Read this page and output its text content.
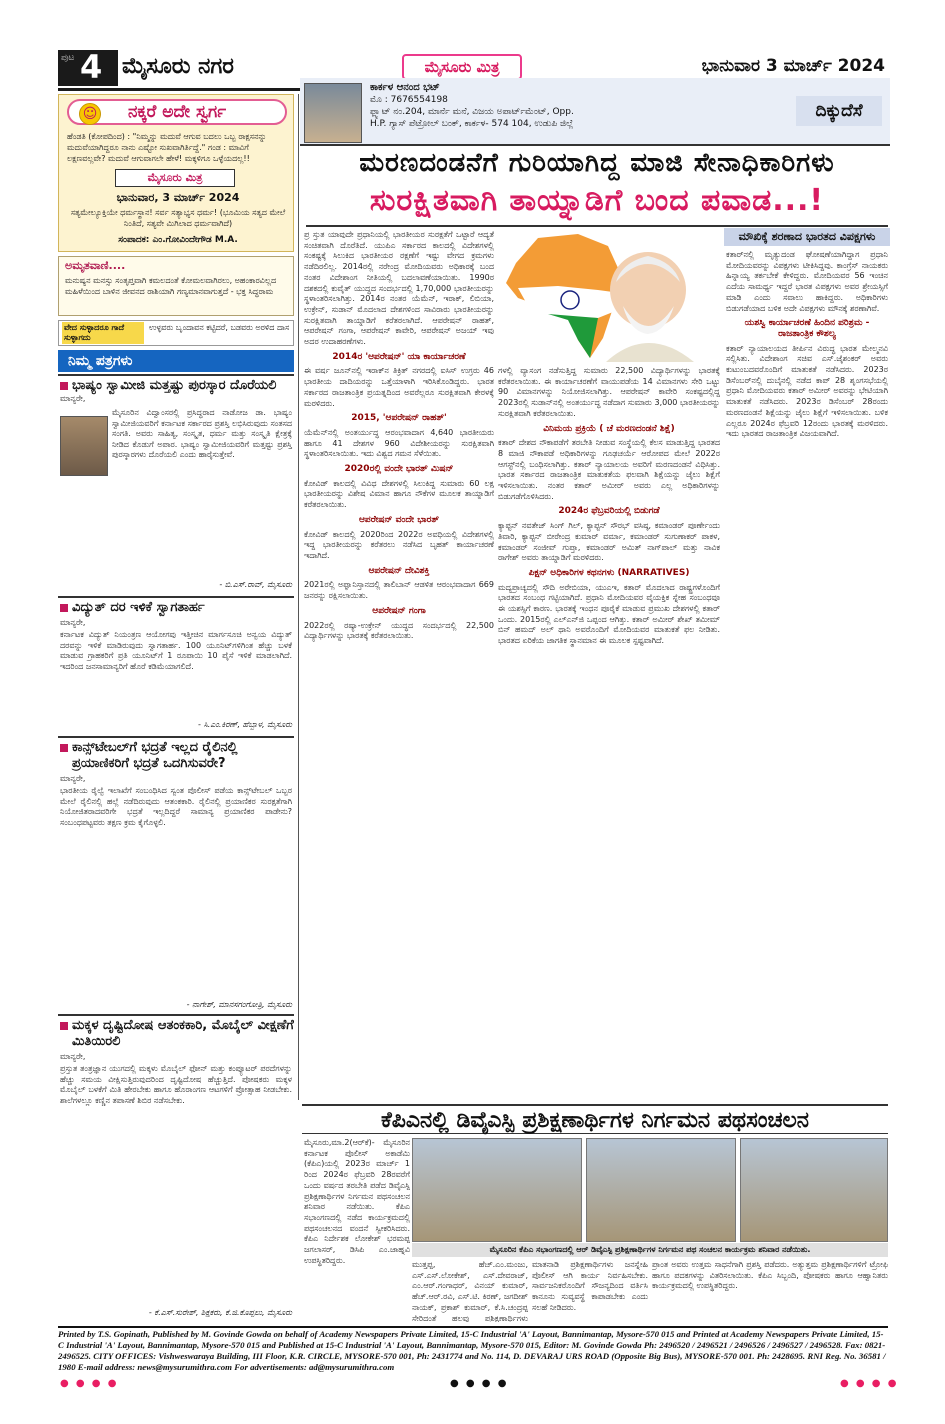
ಪುಟ 4 ಮೈಸೂರು ನಗರ	ಮೈಸೂರು ಮಿತ್ರ	ಭಾನುವಾರ 3 ಮಾರ್ಚ್ 2024
☺ ನಕ್ಕರೆ ಅದೇ ಸ್ವರ್ಗ
ಹೆಂಡತಿ (ಕೋಪದಿಂದ) : "ನಿಮ್ಮನ್ನು ಮದುವೆ ಆಗುವ ಬದಲು ಒಬ್ಬ ರಾಕ್ಷಸನನ್ನು ಮದುವೆಯಾಗಿದ್ದರೂ ನಾನು ಎಷ್ಟೋ ಸುಖವಾಗಿರ್ತಿದ್ದೆ." ಗಂಡ : ಮಾವಿಗೆ ಲಕ್ಷಣವಲ್ಲವೇ? ಮದುವೆ ಆಗುವಾಗಲೇ ಹೇಳೆ! ಮಕ್ಕಳಿಗೂ ಒಳ್ಳೆಯದಲ್ಲ!!
ಮೈಸೂರು ಮಿತ್ರ
ಭಾನುವಾರ, 3 ಮಾರ್ಚ್ 2024
ಸತ್ಯಮೇಲ್ಯೂಕ್ತಿಯೇ ಧರ್ಮಸ್ಥಾನ! ಸರ್ವ ಸತ್ಯಾಭ್ಯಸ ಧರ್ಮ! (ಭೂಮಿಯ ಸತ್ಯದ ಮೇಲೆ ನಿಂತಿದೆ, ಸತ್ಯವೇ ಮಿಗಿಲಾದ ಧರ್ಮವಾಗಿದೆ)
ಸಂಪಾದಕ: ಎಂ.ಗೋವಿಂದೇಗೌಡ M.A.
ಅಮೃತವಾಣಿ....
ಮನುಷ್ಯನ ಮನಸ್ಸು ಸಂತೃಪ್ತವಾಗಿ ಕಮಲದಂತೆ ಕೋಮಲವಾಗಿರಲು, ಅಹಂಕಾರವಿಲ್ಲದ ಮಹಿಳೆಯಿಂದ ಬಾಳಿನ ಜೀವನದ ರಾಶಿಯಾಗಿ ಗಣ್ಯಮಾನವಾಗುತ್ತದೆ - ಭಕ್ತ ಸಿದ್ಧರಾಮ
ವೇದ ಸುಳ್ಳಾದರೂ ಗಾದೆ ಸುಳ್ಳಾಗದು
ಉಳ್ಳವರು ಬೃಂದಾವನ ಕಟ್ಟಿದರೆ, ಬಡವರು ಅರಳಿದ ದಾಸ
ನಿಮ್ಮ ಪತ್ರಗಳು
ಭಾಷ್ಯಂ ಸ್ವಾಮೀಜಿ ಮತ್ತಷ್ಟು ಪುರಸ್ಕಾರ ದೊರೆಯಲಿ
ಮಾನ್ಯರೇ,
ಮೈಸೂರಿನ ವಿದ್ವಾಂಸರಲ್ಲಿ ಪ್ರಸಿದ್ಧರಾದ ನಾಡೋಜ ಡಾ. ಭಾಷ್ಯಂ ಸ್ವಾಮೀಜಿಯವರಿಗೆ ಕರ್ನಾಟಕ ಸರ್ಕಾರದ ಪ್ರಶಸ್ತಿ ಲಭಿಸಿರುವುದು ಸಂತಸದ ಸಂಗತಿ. ಅವರು ಸಾಹಿತ್ಯ, ಸಂಸ್ಕೃತ, ಧರ್ಮ ಮತ್ತು ಸಂಸ್ಕೃತಿ ಕ್ಷೇತ್ರಕ್ಕೆ ನೀಡಿದ ಕೊಡುಗೆ ಅಪಾರ. ಭಾಷ್ಯಂ ಸ್ವಾಮೀಜಿಯವರಿಗೆ ಮತ್ತಷ್ಟು ಪ್ರಶಸ್ತಿ ಪುರಸ್ಕಾರಗಳು ದೊರೆಯಲಿ ಎಂದು ಹಾರೈಸುತ್ತೇವೆ.
- ಬಿ.ಎಸ್.ರಾವ್, ಮೈಸೂರು
ವಿದ್ಯುತ್ ದರ ಇಳಿಕೆ ಸ್ವಾಗತಾರ್ಹ
ಮಾನ್ಯರೇ,
ಕರ್ನಾಟಕ ವಿದ್ಯುತ್ ನಿಯಂತ್ರಣ ಆಯೋಗವು ಇತ್ತೀಚಿನ ಮಾರ್ಗಸೂಚಿ ಅನ್ವಯ ವಿದ್ಯುತ್ ದರವನ್ನು ಇಳಿಕೆ ಮಾಡಿರುವುದು ಸ್ವಾಗತಾರ್ಹ. 100 ಯೂನಿಟ್‌ಗಳಿಗಿಂತ ಹೆಚ್ಚು ಬಳಕೆ ಮಾಡುವ ಗ್ರಾಹಕರಿಗೆ ಪ್ರತಿ ಯೂನಿಟ್‌ಗೆ 1 ರೂಪಾಯಿ 10 ಪೈಸೆ ಇಳಿಕೆ ಮಾಡಲಾಗಿದೆ. ಇದರಿಂದ ಜನಸಾಮಾನ್ಯರಿಗೆ ಹೊರೆ ಕಡಿಮೆಯಾಗಲಿದೆ.
- ಸಿ.ಎಂ.ಕಿರಣ್, ಹೆಬ್ಬಾಳ, ಮೈಸೂರು
ಕಾನ್ಸ್‌ಟೇಬಲ್‌ಗೆ ಭದ್ರತೆ ಇಲ್ಲದ ರೈಲಿನಲ್ಲಿ ಪ್ರಯಾಣಿಕರಿಗೆ ಭದ್ರತೆ ಒದಗಿಸುವರೇ?
ಮಾನ್ಯರೇ,
ಭಾರತೀಯ ರೈಲ್ವೆ ಇಲಾಖೆಗೆ ಸಂಬಂಧಿಸಿದ ಸ್ವಂತ ಪೊಲೀಸ್ ಪಡೆಯ ಕಾನ್ಸ್‌ಟೇಬಲ್ ಒಬ್ಬರ ಮೇಲೆ ರೈಲಿನಲ್ಲಿ ಹಲ್ಲೆ ನಡೆದಿರುವುದು ಆತಂಕಕಾರಿ. ರೈಲಿನಲ್ಲಿ ಪ್ರಯಾಣಿಕರ ಸುರಕ್ಷತೆಗಾಗಿ ನಿಯೋಜಿತರಾದವರಿಗೇ ಭದ್ರತೆ ಇಲ್ಲದಿದ್ದರೆ ಸಾಮಾನ್ಯ ಪ್ರಯಾಣಿಕರ ಪಾಡೇನು? ಸಂಬಂಧಪಟ್ಟವರು ತಕ್ಷಣ ಕ್ರಮ ಕೈಗೊಳ್ಳಲಿ.
- ನಾಗೇಶ್, ಮಾನಸಗಂಗೋತ್ರಿ, ಮೈಸೂರು
ಮಕ್ಕಳ ದೃಷ್ಟಿದೋಷ ಆತಂಕಕಾರಿ, ಮೊಬೈಲ್ ವೀಕ್ಷಣೆಗೆ ಮಿತಿಯಿರಲಿ
ಮಾನ್ಯರೇ,
ಪ್ರಸ್ತುತ ತಂತ್ರಜ್ಞಾನ ಯುಗದಲ್ಲಿ ಮಕ್ಕಳು ಮೊಬೈಲ್ ಫೋನ್ ಮತ್ತು ಕಂಪ್ಯೂಟರ್ ಪರದೆಗಳನ್ನು ಹೆಚ್ಚು ಸಮಯ ವೀಕ್ಷಿಸುತ್ತಿರುವುದರಿಂದ ದೃಷ್ಟಿದೋಷ ಹೆಚ್ಚುತ್ತಿದೆ. ಪೋಷಕರು ಮಕ್ಕಳ ಮೊಬೈಲ್ ಬಳಕೆಗೆ ಮಿತಿ ಹೇರಬೇಕು ಹಾಗೂ ಹೊರಾಂಗಣ ಆಟಗಳಿಗೆ ಪ್ರೋತ್ಸಾಹ ನೀಡಬೇಕು. ಶಾಲೆಗಳಲ್ಲೂ ಕಣ್ಣಿನ ತಪಾಸಣೆ ಶಿಬಿರ ನಡೆಸಬೇಕು.
- ಕೆ.ಎಸ್.ಸುರೇಶ್, ಶಿಕ್ಷಕರು, ಕೆ.ಜಿ.ಕೊಪ್ಪಲು, ಮೈಸೂರು
ಕಾರ್ಕಳ ಆನಂದ ಭಟ್
ಮೊ : 7676554198
ಫ್ಲ್ಯಾಟ್ ನಂ.204, ಮಾರ್ನೆ ಮನೆ, ವಿಜಯ ಅಪಾರ್ಟ್‌ಮೆಂಟ್, Opp.
H.P. ಗ್ಯಾಸ್ ಪೆಟ್ರೋಲ್ ಬಂಕ್, ಕಾರ್ಕಳ- 574 104, ಉಡುಪಿ ಜಿಲ್ಲೆ
ದಿಕ್ಕುದೆಸೆ
ಮರಣದಂಡನೆಗೆ ಗುರಿಯಾಗಿದ್ದ ಮಾಜಿ ಸೇನಾಧಿಕಾರಿಗಳು
ಸುರಕ್ಷಿತವಾಗಿ ತಾಯ್ನಾಡಿಗೆ ಬಂದ ಪವಾಡ...!
ಪ್ರ ಸ್ತುತ ಯಾವುದೇ ಪ್ರಧಾನಿಯಲ್ಲಿ ಭಾರತೀಯರ ಸುರಕ್ಷತೆಗೆ ಒಟ್ಟಾರೆ ಆದ್ಯತೆ ಸಂಚಿತವಾಗಿ ದೊರೆತಿದೆ. ಯುಪಿಎ ಸರ್ಕಾರದ ಕಾಲದಲ್ಲಿ ವಿದೇಶಗಳಲ್ಲಿ ಸಂಕಷ್ಟಕ್ಕೆ ಸಿಲುಕಿದ ಭಾರತೀಯರ ರಕ್ಷಣೆಗೆ ಇಷ್ಟು ವೇಗದ ಕ್ರಮಗಳು ನಡೆದಿರಲಿಲ್ಲ. 2014ರಲ್ಲಿ ನರೇಂದ್ರ ಮೋದಿಯವರು ಅಧಿಕಾರಕ್ಕೆ ಬಂದ ನಂತರ ವಿದೇಶಾಂಗ ನೀತಿಯಲ್ಲಿ ಬದಲಾವಣೆಯಾಯಿತು. 1990ರ ದಶಕದಲ್ಲಿ ಕುವೈತ್ ಯುದ್ಧದ ಸಂದರ್ಭದಲ್ಲಿ 1,70,000 ಭಾರತೀಯರನ್ನು ಸ್ಥಳಾಂತರಿಸಲಾಗಿತ್ತು. 2014ರ ನಂತರ ಯೆಮೆನ್, ಇರಾಕ್, ಲಿಬಿಯಾ, ಉಕ್ರೇನ್, ಸುಡಾನ್ ಮೊದಲಾದ ದೇಶಗಳಿಂದ ಸಾವಿರಾರು ಭಾರತೀಯರನ್ನು ಸುರಕ್ಷಿತವಾಗಿ ತಾಯ್ನಾಡಿಗೆ ಕರೆತರಲಾಗಿದೆ. ಆಪರೇಷನ್ ರಾಹತ್, ಆಪರೇಷನ್ ಗಂಗಾ, ಆಪರೇಷನ್ ಕಾವೇರಿ, ಆಪರೇಷನ್ ಅಜಯ್ ಇವು ಅದರ ಉದಾಹರಣೆಗಳು.
2014ರ 'ಆಪರೇಷನ್' ಯಾ ಕಾರ್ಯಾಚರಣೆ
ಈ ವರ್ಷ ಜೂನ್‌ನಲ್ಲಿ ಇರಾಕ್‌ನ ತಿಕ್ರಿತ್ ನಗರದಲ್ಲಿ ಐಸಿಸ್ ಉಗ್ರರು 46 ಭಾರತೀಯ ದಾದಿಯರನ್ನು ಒತ್ತೆಯಾಳಾಗಿ ಇರಿಸಿಕೊಂಡಿದ್ದರು. ಭಾರತ ಸರ್ಕಾರದ ರಾಜತಾಂತ್ರಿಕ ಪ್ರಯತ್ನದಿಂದ ಅವರೆಲ್ಲರೂ ಸುರಕ್ಷಿತವಾಗಿ ಕೇರಳಕ್ಕೆ ಮರಳಿದರು.
2015, 'ಆಪರೇಷನ್ ರಾಹತ್'
ಯೆಮೆನ್‌ನಲ್ಲಿ ಅಂತರ್ಯುದ್ಧ ಆರಂಭವಾದಾಗ 4,640 ಭಾರತೀಯರು ಹಾಗೂ 41 ದೇಶಗಳ 960 ವಿದೇಶೀಯರನ್ನು ಸುರಕ್ಷಿತವಾಗಿ ಸ್ಥಳಾಂತರಿಸಲಾಯಿತು. ಇದು ವಿಶ್ವದ ಗಮನ ಸೆಳೆಯಿತು.
2020ರಲ್ಲಿ ವಂದೇ ಭಾರತ್ ಮಿಷನ್
ಕೋವಿಡ್ ಕಾಲದಲ್ಲಿ ವಿವಿಧ ದೇಶಗಳಲ್ಲಿ ಸಿಲುಕಿದ್ದ ಸುಮಾರು 60 ಲಕ್ಷ ಭಾರತೀಯರನ್ನು ವಿಶೇಷ ವಿಮಾನ ಹಾಗೂ ನೌಕೆಗಳ ಮೂಲಕ ತಾಯ್ನಾಡಿಗೆ ಕರೆತರಲಾಯಿತು.
ಆಪರೇಷನ್ ವಂದೇ ಭಾರತ್
ಕೋವಿಡ್ ಕಾಲದಲ್ಲಿ 2020ರಿಂದ 2022ರ ಅವಧಿಯಲ್ಲಿ ವಿದೇಶಗಳಲ್ಲಿ ಇದ್ದ ಭಾರತೀಯರನ್ನು ಕರೆತರಲು ನಡೆಸಿದ ಬೃಹತ್ ಕಾರ್ಯಾಚರಣೆ ಇದಾಗಿದೆ.
ಆಪರೇಷನ್ ದೇವಿಶಕ್ತಿ
2021ರಲ್ಲಿ ಅಫ್ಘಾನಿಸ್ತಾನದಲ್ಲಿ ತಾಲಿಬಾನ್ ಆಡಳಿತ ಆರಂಭವಾದಾಗ 669 ಜನರನ್ನು ರಕ್ಷಿಸಲಾಯಿತು.
ಆಪರೇಷನ್ ಗಂಗಾ
2022ರಲ್ಲಿ ರಷ್ಯಾ-ಉಕ್ರೇನ್ ಯುದ್ಧದ ಸಂದರ್ಭದಲ್ಲಿ 22,500 ವಿದ್ಯಾರ್ಥಿಗಳನ್ನು ಭಾರತಕ್ಕೆ ಕರೆತರಲಾಯಿತು.
ಗಳಲ್ಲಿ ವ್ಯಾಸಂಗ ನಡೆಸುತ್ತಿದ್ದ ಸುಮಾರು 22,500 ವಿದ್ಯಾರ್ಥಿಗಳನ್ನು ಭಾರತಕ್ಕೆ ಕರೆತರಲಾಯಿತು. ಈ ಕಾರ್ಯಾಚರಣೆಗೆ ವಾಯುಪಡೆಯ 14 ವಿಮಾನಗಳು ಸೇರಿ ಒಟ್ಟು 90 ವಿಮಾನಗಳನ್ನು ನಿಯೋಜಿಸಲಾಗಿತ್ತು. ಆಪರೇಷನ್ ಕಾವೇರಿ ಸಂಕಷ್ಟದಲ್ಲಿದ್ದ 2023ರಲ್ಲಿ ಸುಡಾನ್‌ನಲ್ಲಿ ಅಂತರ್ಯುದ್ಧ ನಡೆದಾಗ ಸುಮಾರು 3,000 ಭಾರತೀಯರನ್ನು ಸುರಕ್ಷಿತವಾಗಿ ಕರೆತರಲಾಯಿತು.
ವಿನಿಮಯ ಪ್ರಕ್ರಿಯೆ ( ಚೆ ಮರಣದಂಡನೆ ಶಿಕ್ಷೆ)
ಕತಾರ್ ದೇಶದ ನೌಕಾಪಡೆಗೆ ತರಬೇತಿ ನೀಡುವ ಸಂಸ್ಥೆಯಲ್ಲಿ ಕೆಲಸ ಮಾಡುತ್ತಿದ್ದ ಭಾರತದ 8 ಮಾಜಿ ನೌಕಾಪಡೆ ಅಧಿಕಾರಿಗಳನ್ನು ಗೂಢಚರ್ಯೆ ಆರೋಪದ ಮೇಲೆ 2022ರ ಆಗಸ್ಟ್‌ನಲ್ಲಿ ಬಂಧಿಸಲಾಗಿತ್ತು. ಕತಾರ್ ನ್ಯಾಯಾಲಯ ಅವರಿಗೆ ಮರಣದಂಡನೆ ವಿಧಿಸಿತ್ತು. ಭಾರತ ಸರ್ಕಾರದ ರಾಜತಾಂತ್ರಿಕ ಮಾತುಕತೆಯ ಫಲವಾಗಿ ಶಿಕ್ಷೆಯನ್ನು ಜೈಲು ಶಿಕ್ಷೆಗೆ ಇಳಿಸಲಾಯಿತು. ನಂತರ ಕತಾರ್ ಅಮೀರ್ ಅವರು ಎಲ್ಲ ಅಧಿಕಾರಿಗಳನ್ನು ಬಿಡುಗಡೆಗೊಳಿಸಿದರು.
2024ರ ಫೆಬ್ರವರಿಯಲ್ಲಿ ಬಿಡುಗಡೆ
ಕ್ಯಾಪ್ಟನ್ ನವತೇಜ್ ಸಿಂಗ್ ಗಿಲ್, ಕ್ಯಾಪ್ಟನ್ ಸೌರಭ್ ವಸಿಷ್ಠ, ಕಮಾಂಡರ್ ಪೂರ್ಣೇಂದು ತಿವಾರಿ, ಕ್ಯಾಪ್ಟನ್ ಬೀರೇಂದ್ರ ಕುಮಾರ್ ವರ್ಮಾ, ಕಮಾಂಡರ್ ಸುಗುಣಾಕರ್ ಪಾಕಳ, ಕಮಾಂಡರ್ ಸಂಜೀವ್ ಗುಪ್ತಾ, ಕಮಾಂಡರ್ ಅಮಿತ್ ನಾಗ್‌ಪಾಲ್ ಮತ್ತು ನಾವಿಕ ರಾಗೇಶ್ ಅವರು ತಾಯ್ನಾಡಿಗೆ ಮರಳಿದರು.
ಪಿಕ್ಷನ್ ಅಧಿಕಾರಿಗಳ ಕಥನಗಳು (NARRATIVES)
ಮದ್ಯಪ್ರಾಚ್ಯದಲ್ಲಿ ಸೌದಿ ಅರೇಬಿಯಾ, ಯುಎಇ, ಕತಾರ್ ಮೊದಲಾದ ರಾಷ್ಟ್ರಗಳೊಂದಿಗೆ ಭಾರತದ ಸಂಬಂಧ ಗಟ್ಟಿಯಾಗಿದೆ. ಪ್ರಧಾನಿ ಮೋದಿಯವರ ವೈಯಕ್ತಿಕ ಸ್ನೇಹ ಸಂಬಂಧವೂ ಈ ಯಶಸ್ಸಿಗೆ ಕಾರಣ. ಭಾರತಕ್ಕೆ ಇಂಧನ ಪೂರೈಕೆ ಮಾಡುವ ಪ್ರಮುಖ ದೇಶಗಳಲ್ಲಿ ಕತಾರ್ ಒಂದು. 2015ರಲ್ಲಿ ಎಲ್‌ಎನ್‌ಜಿ ಒಪ್ಪಂದ ಆಗಿತ್ತು. ಕತಾರ್ ಅಮೀರ್ ಶೇಖ್ ತಮೀಮ್ ಬಿನ್ ಹಮದ್ ಅಲ್ ಥಾನಿ ಅವರೊಂದಿಗೆ ಮೋದಿಯವರ ಮಾತುಕತೆ ಫಲ ನೀಡಿತು. ಭಾರತದ ಏರಿಕೆಯ ಜಾಗತಿಕ ಸ್ಥಾನಮಾನ ಈ ಮೂಲಕ ಸ್ಪಷ್ಟವಾಗಿದೆ.
ಮೌಖಿಕ್ಕೆ ಶರಣಾದ ಭಾರತದ ವಿಪಕ್ಷಗಳು
ಕತಾರ್‌ನಲ್ಲಿ ಮೃತ್ಯುದಂಡ ಘೋಷಣೆಯಾಗಿದ್ದಾಗ ಪ್ರಧಾನಿ ಮೋದಿಯವರನ್ನು ವಿಪಕ್ಷಗಳು ಟೀಕಿಸಿದ್ದವು. ಕಾಂಗ್ರೆಸ್ ನಾಯಕರು ಹಿನ್ನಾಯ್ಯ ತರ್ಕಬೇಕೆ ಕೇಳಿದ್ದರು. ಮೋದಿಯವರ 56 ಇಂಚಿನ ಎದೆಯ ಸಾಮರ್ಥ್ಯ ಇದ್ದರೆ ಭಾರತ ವಿಪಕ್ಷಗಳು ಅವರ ಶ್ರೇಯಸ್ಸಿಗೆ ಮಾಡಿ ಎಂದು ಸವಾಲು ಹಾಕಿದ್ದರು. ಅಧಿಕಾರಿಗಳು ಬಿಡುಗಡೆಯಾದ ಬಳಿಕ ಅದೇ ವಿಪಕ್ಷಗಳು ಮೌನಕ್ಕೆ ಶರಣಾಗಿವೆ.
ಯಶಸ್ವಿ ಕಾರ್ಯಾಚರಣೆ ಹಿಂದಿನ ಪರಿಶ್ರಮ - ರಾಜತಾಂತ್ರಿಕ ಕೌಶಲ್ಯ
ಕತಾರ್ ನ್ಯಾಯಾಲಯದ ತೀರ್ಪಿನ ವಿರುದ್ಧ ಭಾರತ ಮೇಲ್ಮನವಿ ಸಲ್ಲಿಸಿತು. ವಿದೇಶಾಂಗ ಸಚಿವ ಎಸ್.ಜೈಶಂಕರ್ ಅವರು ಕುಟುಂಬದವರೊಂದಿಗೆ ಮಾತುಕತೆ ನಡೆಸಿದರು. 2023ರ ಡಿಸೆಂಬರ್‌ನಲ್ಲಿ ದುಬೈನಲ್ಲಿ ನಡೆದ ಕಾಪ್ 28 ಶೃಂಗಸಭೆಯಲ್ಲಿ ಪ್ರಧಾನಿ ಮೋದಿಯವರು ಕತಾರ್ ಅಮೀರ್ ಅವರನ್ನು ಭೇಟಿಯಾಗಿ ಮಾತುಕತೆ ನಡೆಸಿದರು. 2023ರ ಡಿಸೆಂಬರ್ 28ರಂದು ಮರಣದಂಡನೆ ಶಿಕ್ಷೆಯನ್ನು ಜೈಲು ಶಿಕ್ಷೆಗೆ ಇಳಿಸಲಾಯಿತು. ಬಳಿಕ ಎಲ್ಲರೂ 2024ರ ಫೆಬ್ರವರಿ 12ರಂದು ಭಾರತಕ್ಕೆ ಮರಳಿದರು. ಇದು ಭಾರತದ ರಾಜತಾಂತ್ರಿಕ ವಿಜಯವಾಗಿದೆ.
ಕೆಪಿಎನಲ್ಲಿ ಡಿವೈಎಸ್ಪಿ ಪ್ರಶಿಕ್ಷಣಾರ್ಥಿಗಳ ನಿರ್ಗಮನ ಪಥಸಂಚಲನ
ಮೈಸೂರು,ಮಾ.2(ಆರ್‌ಕೆ)- ಮೈಸೂರಿನ ಕರ್ನಾಟಕ ಪೊಲೀಸ್ ಅಕಾಡೆಮಿ (ಕೆಪಿಎ)ಯಲ್ಲಿ 2023ರ ಮಾರ್ಚ್ 1 ರಿಂದ 2024ರ ಫೆಬ್ರವರಿ 28ರವರೆಗೆ ಒಂದು ವರ್ಷದ ತರಬೇತಿ ಪಡೆದ ಡಿವೈಎಸ್ಪಿ ಪ್ರಶಿಕ್ಷಣಾರ್ಥಿಗಳ ನಿರ್ಗಮನ ಪಥಸಂಚಲನ ಶನಿವಾರ ನಡೆಯಿತು. ಕೆಪಿಎ ಸಭಾಂಗಣದಲ್ಲಿ ನಡೆದ ಕಾರ್ಯಕ್ರಮದಲ್ಲಿ ಪಥಸಂಚಲನದ ವಂದನೆ ಸ್ವೀಕರಿಸಿದರು. ಕೆಪಿಎ ನಿರ್ದೇಶಕ ಲೋಕೇಶ್ ಭರಮಪ್ಪ ಜಗಲಾಸರ್, ಡಿಸಿಪಿ ಎಂ.ಜಾಹ್ನವಿ ಉಪಸ್ಥಿತರಿದ್ದರು.
ಮೈಸೂರಿನ ಕೆಪಿಎ ಸಭಾಂಗಣದಲ್ಲಿ ಆರ್ ಡಿವೈಎಸ್ಪಿ ಪ್ರಶಿಕ್ಷಣಾರ್ಥಿಗಳ ನಿರ್ಗಮನ ಪಥ ಸಂಚಲನ ಕಾರ್ಯಕ್ರಮ ಶನಿವಾರ ನಡೆಯಿತು.
ಮುತ್ತಪ್ಪ, ಹೆಚ್.ಎಂ.ಮಂಜು, ಎಸ್.ಎಸ್.ಲೋಕೇಶ್, ಎಸ್.ದೇವರಾಜ್, ಎಂ.ಆರ್.ಗಂಗಾಧರ್, ವಿನಯ್ ಕುಮಾರ್, ಹೆಚ್.ಆರ್.ರವಿ, ಎಸ್.ಟಿ. ಕಿರಣ್, ಜಗದೀಶ್ ನಾಯಕ್, ಪ್ರಕಾಶ್ ಕುಮಾರ್, ಕೆ.ಸಿ.ಚಂದ್ರಪ್ಪ ಸೇರಿದಂತೆ ಹಲವು ಪ್ರಶಿಕ್ಷಣಾರ್ಥಿಗಳು
ಮಾತನಾಡಿ ಪ್ರಶಿಕ್ಷಣಾರ್ಥಿಗಳು ಜನಸ್ನೇಹಿ ಪೊಲೀಸ್ ಆಗಿ ಕಾರ್ಯ ನಿರ್ವಹಿಸಬೇಕು. ಸಾರ್ವಜನಿಕರೊಂದಿಗೆ ಸೌಜನ್ಯದಿಂದ ವರ್ತಿಸಿ ಕಾನೂನು ಸುವ್ಯವಸ್ಥೆ ಕಾಪಾಡಬೇಕು ಎಂದು ಸಲಹೆ ನೀಡಿದರು.
ಪ್ರಾಂತ ಅವರು ಉತ್ತಮ ಸಾಧನೆಗಾಗಿ ಪ್ರಶಸ್ತಿ ಪಡೆದರು. ಅತ್ಯುತ್ತಮ ಪ್ರಶಿಕ್ಷಣಾರ್ಥಿಗಳಿಗೆ ಟ್ರೋಫಿ ಹಾಗೂ ಪದಕಗಳನ್ನು ವಿತರಿಸಲಾಯಿತು. ಕೆಪಿಎ ಸಿಬ್ಬಂದಿ, ಪೋಷಕರು ಹಾಗೂ ಆಹ್ವಾನಿತರು ಕಾರ್ಯಕ್ರಮದಲ್ಲಿ ಉಪಸ್ಥಿತರಿದ್ದರು.
Printed by T.S. Gopinath, Published by M. Govinde Gowda on behalf of Academy Newspapers Private Limited, 15-C Industrial 'A' Layout, Bannimantap, Mysore-570 015 and Printed at Academy Newspapers Private Limited, 15-C Industrial 'A' Layout, Bannimantap, Mysore-570 015 and Published at 15-C Industrial 'A' Layout, Bannimantap, Mysore-570 015, Editor: M. Govinde Gowda Ph: 2496520 / 2496521 / 2496526 / 2496527 / 2496528. Fax: 0821-2496525. CITY OFFICES: Vishweswaraya Building, III Floor, K.R. CIRCLE, MYSORE-570 001, Ph: 2431774 and No. 114, D. DEVARAJ URS ROAD (Opposite Big Bus), MYSORE-570 001. Ph: 2428695. RNI Reg. No. 36581 / 1980 E-mail address: news@mysurumithra.com For advertisements: ad@mysurumithra.com
● ● ● ●	● ● ● ●	● ● ● ●
